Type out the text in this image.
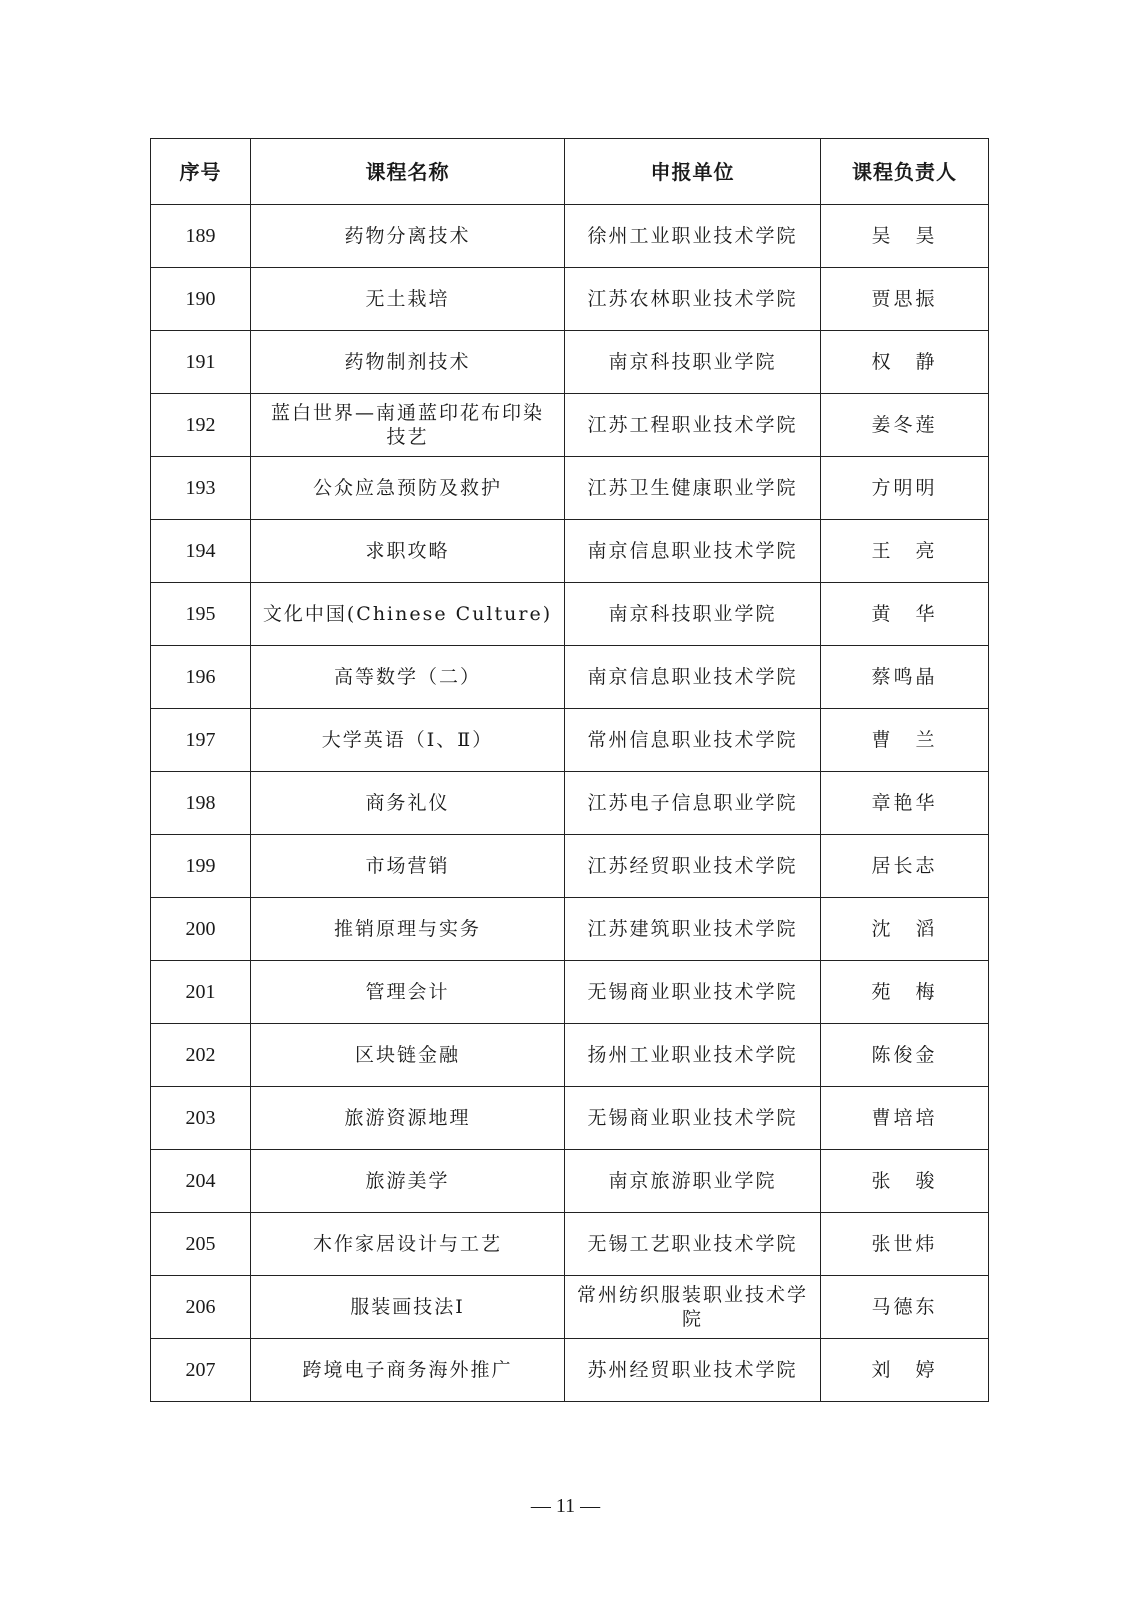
序号	课程名称	申报单位	课程负责人
189	药物分离技术	徐州工业职业技术学院	吴　昊
190	无土栽培	江苏农林职业技术学院	贾思振
191	药物制剂技术	南京科技职业学院	权　静
192	蓝白世界—南通蓝印花布印染技艺	江苏工程职业技术学院	姜冬莲
193	公众应急预防及救护	江苏卫生健康职业学院	方明明
194	求职攻略	南京信息职业技术学院	王　亮
195	文化中国(Chinese Culture)	南京科技职业学院	黄　华
196	高等数学（二）	南京信息职业技术学院	蔡鸣晶
197	大学英语（Ⅰ、Ⅱ）	常州信息职业技术学院	曹　兰
198	商务礼仪	江苏电子信息职业学院	章艳华
199	市场营销	江苏经贸职业技术学院	居长志
200	推销原理与实务	江苏建筑职业技术学院	沈　滔
201	管理会计	无锡商业职业技术学院	苑　梅
202	区块链金融	扬州工业职业技术学院	陈俊金
203	旅游资源地理	无锡商业职业技术学院	曹培培
204	旅游美学	南京旅游职业学院	张　骏
205	木作家居设计与工艺	无锡工艺职业技术学院	张世炜
206	服装画技法Ⅰ	常州纺织服装职业技术学院	马德东
207	跨境电子商务海外推广	苏州经贸职业技术学院	刘　婷
— 11 —
